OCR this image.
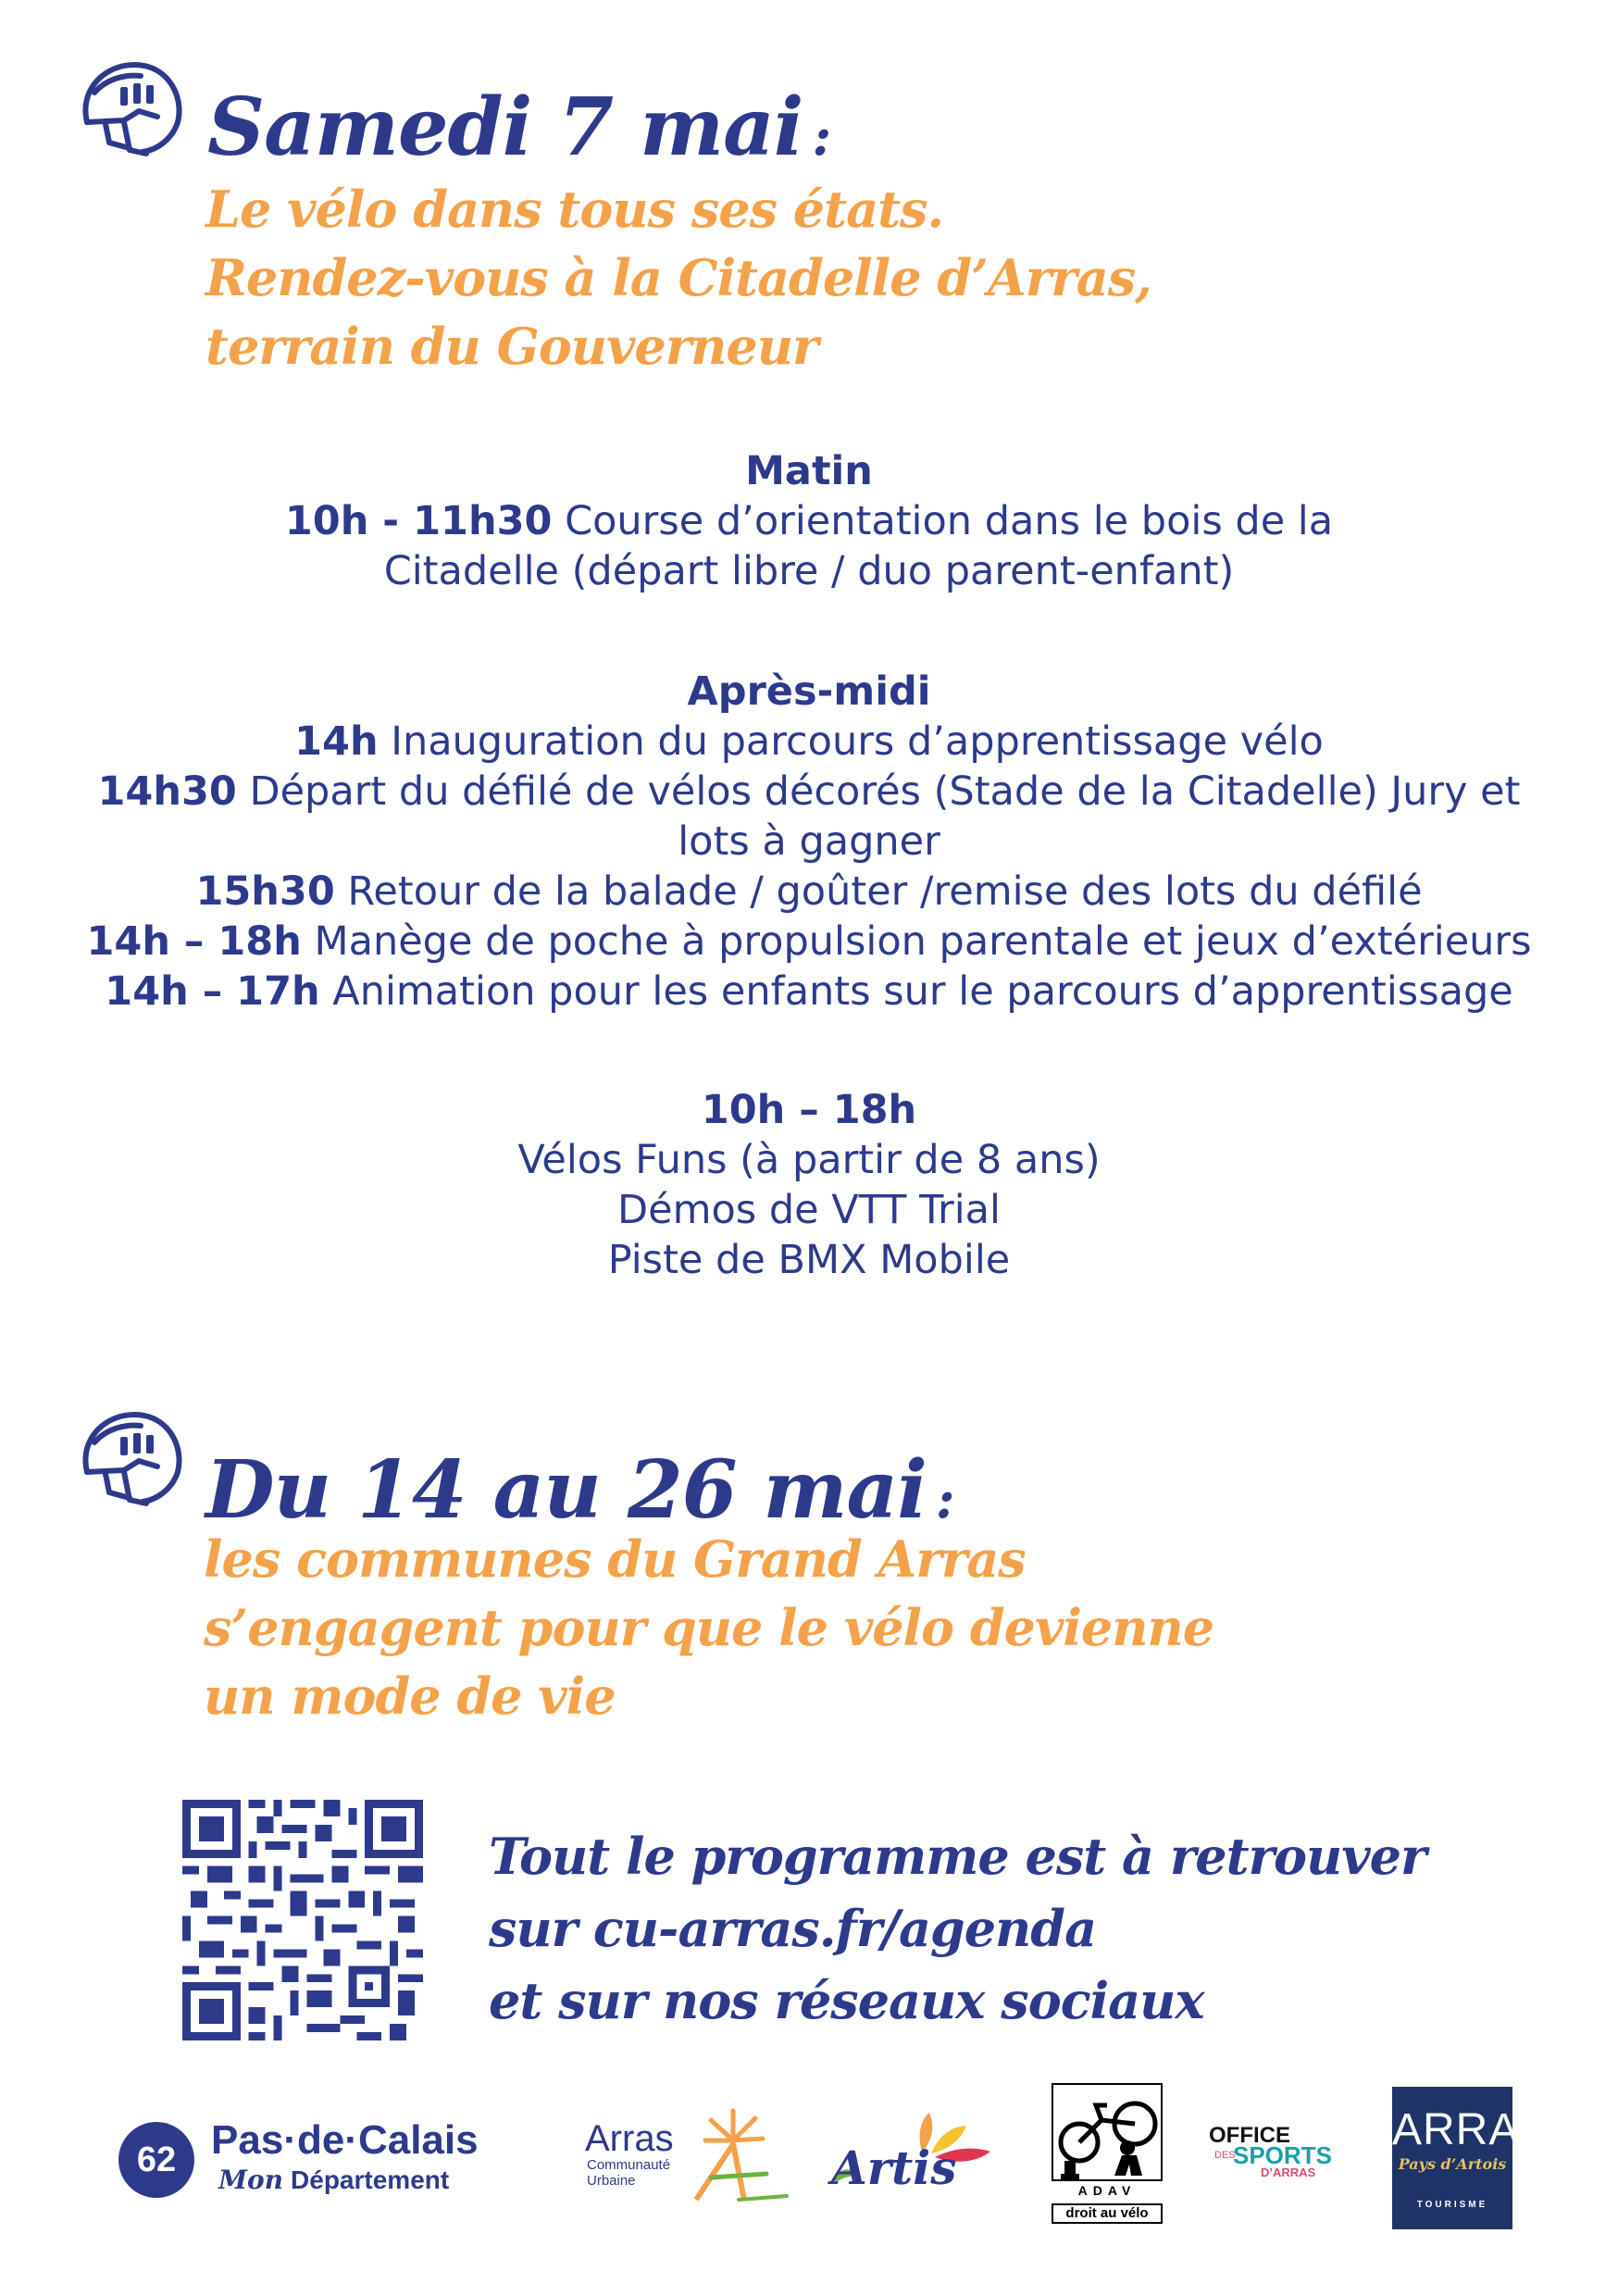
Samedi 7 mai :
Le vélo dans tous ses états.
Rendez-vous à la Citadelle d’Arras,
terrain du Gouverneur
Matin
10h - 11h30 Course d’orientation dans le bois de la
Citadelle (départ libre / duo parent-enfant)
Après-midi
14h Inauguration du parcours d’apprentissage vélo
14h30 Départ du défilé de vélos décorés (Stade de la Citadelle) Jury et
lots à gagner
15h30 Retour de la balade / goûter /remise des lots du défilé
14h – 18h Manège de poche à propulsion parentale et jeux d’extérieurs
14h – 17h Animation pour les enfants sur le parcours d’apprentissage
10h – 18h
Vélos Funs (à partir de 8 ans)
Démos de VTT Trial
Piste de BMX Mobile
Du 14 au 26 mai :
les communes du Grand Arras
s’engagent pour que le vélo devienne
un mode de vie
Tout le programme est à retrouver
sur cu-arras.fr/agenda
et sur nos réseaux sociaux
62 Pas·de·Calais
Mon Département
Arras
Communauté
Urbaine	Artis	ADAV
droit au vélo
OFFICE
DES
SPORTS
D’ARRAS
ARRAS
Pays d’Artois
TOURISME
